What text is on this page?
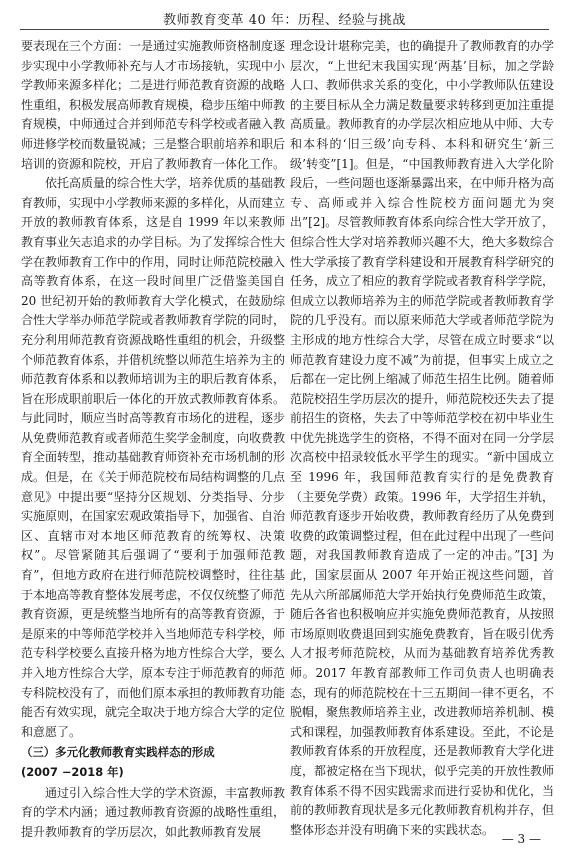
教师教育变革 40 年：历程、经验与挑战

要表现在三个方面：一是通过实施教师资格制度逐步实现中小学教师补充与人才市场接轨，实现中小学教师来源多样化；二是进行师范教育资源的战略性重组，积极发展高师教育规模，稳步压缩中师教育规模，中师通过合并到师范专科学校或者融入教师进修学校而数量锐减；三是整合职前培养和职后培训的资源和院校，开启了教师教育一体化工作。

依托高质量的综合性大学，培养优质的基础教育教师，实现中小学教师来源的多样化，从而建立开放的教师教育体系，这是自 1999 年以来教师教育事业矢志追求的办学目标。为了发挥综合性大学在教师教育工作中的作用，同时让师范院校融入高等教育体系，在这一段时间里广泛借鉴美国自 20 世纪初开始的教师教育大学化模式，在鼓励综合性大学举办师范学院或者教师教育学院的同时，充分利用师范教育资源战略性重组的机会，升级整个师范教育体系，并借机统整以师范生培养为主的师范教育体系和以教师培训为主的职后教育体系，旨在形成职前职后一体化的开放式教师教育体系。与此同时，顺应当时高等教育市场化的进程，逐步从免费师范教育或者师范生奖学金制度，向收费教育全面转型，推动基础教育师资补充市场机制的形成。但是，在《关于师范院校布局结构调整的几点意见》中提出要“坚持分区规划、分类指导、分步实施原则，在国家宏观政策指导下，加强省、自治区、直辖市对本地区师范教育的统筹权、决策权”。尽管紧随其后强调了“要利于加强师范教育”，但地方政府在进行师范院校调整时，往往基于本地高等教育整体发展考虑，不仅仅统整了师范教育资源，更是统整当地所有的高等教育资源，于是原来的中等师范学校并入当地师范专科学校，师范专科学校要么直接升格为地方性综合大学，要么并入地方性综合大学，原本专注于师范教育的师范专科院校没有了，而他们原本承担的教师教育功能能否有效实现，就完全取决于地方综合大学的定位和意愿了。

（三）多元化教师教育实践样态的形成
(2007 −2018 年)

通过引入综合性大学的学术资源，丰富教师教育的学术内涵；通过教师教育资源的战略性重组，提升教师教育的学历层次，如此教师教育发展

理念设计堪称完美，也的确提升了教师教育的办学层次，“上世纪末我国实现‘两基’目标，加之学龄人口、教师供求关系的变化，中小学教师队伍建设的主要目标从全力满足数量要求转移到更加注重提高质量。教师教育的办学层次相应地从中师、大专和本科的‘旧三级’向专科、本科和研究生‘新三级’转变”[1]。但是，“中国教师教育进入大学化阶段后，一些问题也逐渐暴露出来，在中师升格为高专、高师或并入综合性院校方面问题尤为突出”[2]。尽管教师教育体系向综合性大学开放了，但综合性大学对培养教师兴趣不大，绝大多数综合性大学承接了教育学科建设和开展教育科学研究的任务，成立了相应的教育学院或者教育科学学院，但成立以教师培养为主的师范学院或者教师教育学院的几乎没有。而以原来师范大学或者师范学院为主形成的地方性综合大学，尽管在成立时要求“以师范教育建设力度不减”为前提，但事实上成立之后都在一定比例上缩减了师范生招生比例。随着师范院校招生学历层次的提升，师范院校还失去了提前招生的资格，失去了中等师范学校在初中毕业生中优先挑选学生的资格，不得不面对在同一分学层次高校中招录较低水平学生的现实。“新中国成立至 1996 年，我国师范教育实行的是免费教育（主要免学费）政策。1996 年，大学招生并轨，师范教育逐步开始收费，教师教育经历了从免费到收费的政策调整过程，但在此过程中出现了一些问题，对我国教师教育造成了一定的冲击。”[3] 为此，国家层面从 2007 年开始正视这些问题，首先从六所部属师范大学开始执行免费师范生政策，随后各省也积极响应并实施免费师范教育，从按照市场原则收费退回到实施免费教育，旨在吸引优秀人才报考师范院校，从而为基础教育培养优秀教师。2017 年教育部教师工作司负责人也明确表态，现有的师范院校在十三五期间一律不更名，不脱帽，聚焦教师培养主业，改进教师培养机制、模式和课程，加强教师教育体系建设。至此，不论是教师教育体系的开放程度，还是教师教育大学化进度，都被定格在当下现状，似乎完美的开放性教师教育体系不得不因实践需求而进行妥协和优化，当前的教师教育现状是多元化教师教育机构并存，但整体形态并没有明确下来的实践状态。

— 3 —
